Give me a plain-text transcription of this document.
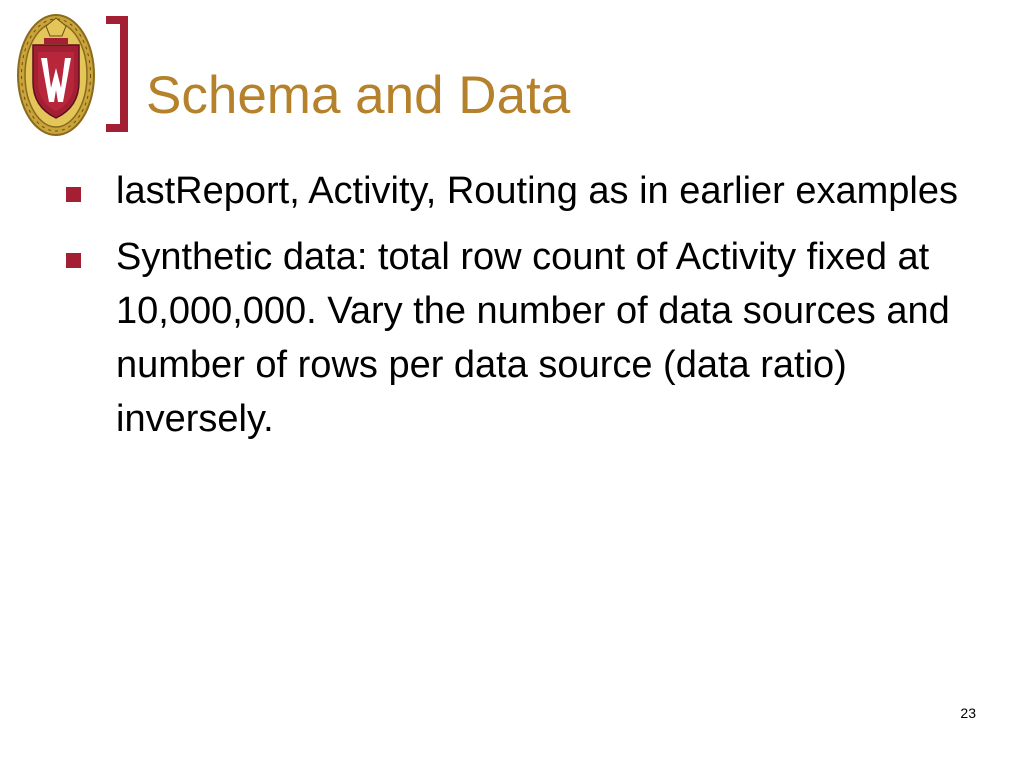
Schema and Data
lastReport, Activity, Routing as in earlier examples
Synthetic data: total row count of Activity fixed at 10,000,000. Vary the number of data sources and number of rows per data source (data ratio) inversely.
23
